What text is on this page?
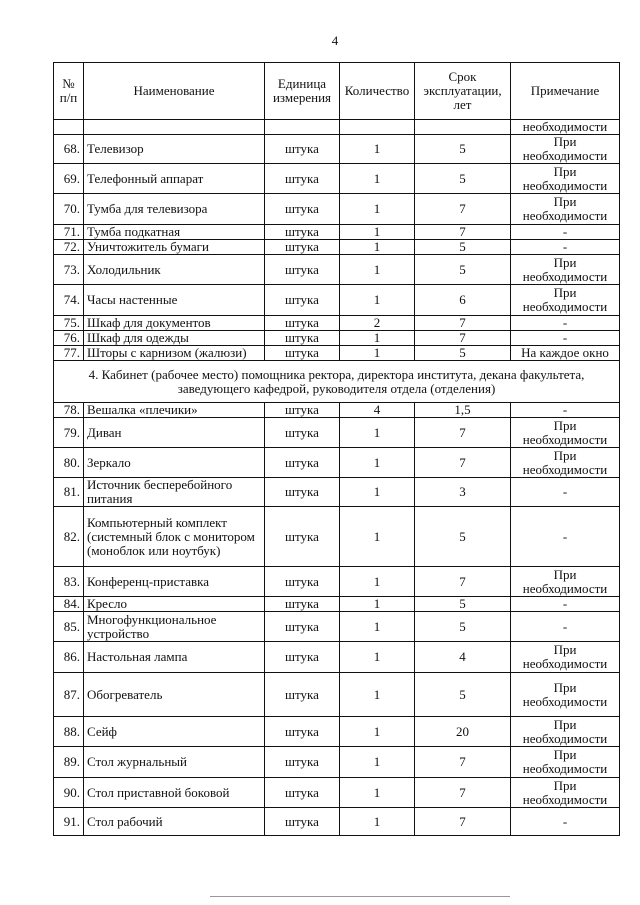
4
№ п/п	Наименование	Единица измерения	Количество	Срок эксплуатации, лет	Примечание
					необходимости
68.	Телевизор	штука	1	5	При необходимости
69.	Телефонный аппарат	штука	1	5	При необходимости
70.	Тумба для телевизора	штука	1	7	При необходимости
71.	Тумба подкатная	штука	1	7	-
72.	Уничтожитель бумаги	штука	1	5	-
73.	Холодильник	штука	1	5	При необходимости
74.	Часы настенные	штука	1	6	При необходимости
75.	Шкаф для документов	штука	2	7	-
76.	Шкаф для одежды	штука	1	7	-
77.	Шторы с карнизом (жалюзи)	штука	1	5	На каждое окно
4. Кабинет (рабочее место) помощника ректора, директора института, декана факультета, заведующего кафедрой, руководителя отдела (отделения)					
78.	Вешалка «плечики»	штука	4	1,5	-
79.	Диван	штука	1	7	При необходимости
80.	Зеркало	штука	1	7	При необходимости
81.	Источник бесперебойного питания	штука	1	3	-
82.	Компьютерный комплект (системный блок с монитором (моноблок или ноутбук)	штука	1	5	-
83.	Конференц-приставка	штука	1	7	При необходимости
84.	Кресло	штука	1	5	-
85.	Многофункциональное устройство	штука	1	5	-
86.	Настольная лампа	штука	1	4	При необходимости
87.	Обогреватель	штука	1	5	При необходимости
88.	Сейф	штука	1	20	При необходимости
89.	Стол журнальный	штука	1	7	При необходимости
90.	Стол приставной боковой	штука	1	7	При необходимости
91.	Стол рабочий	штука	1	7	-
